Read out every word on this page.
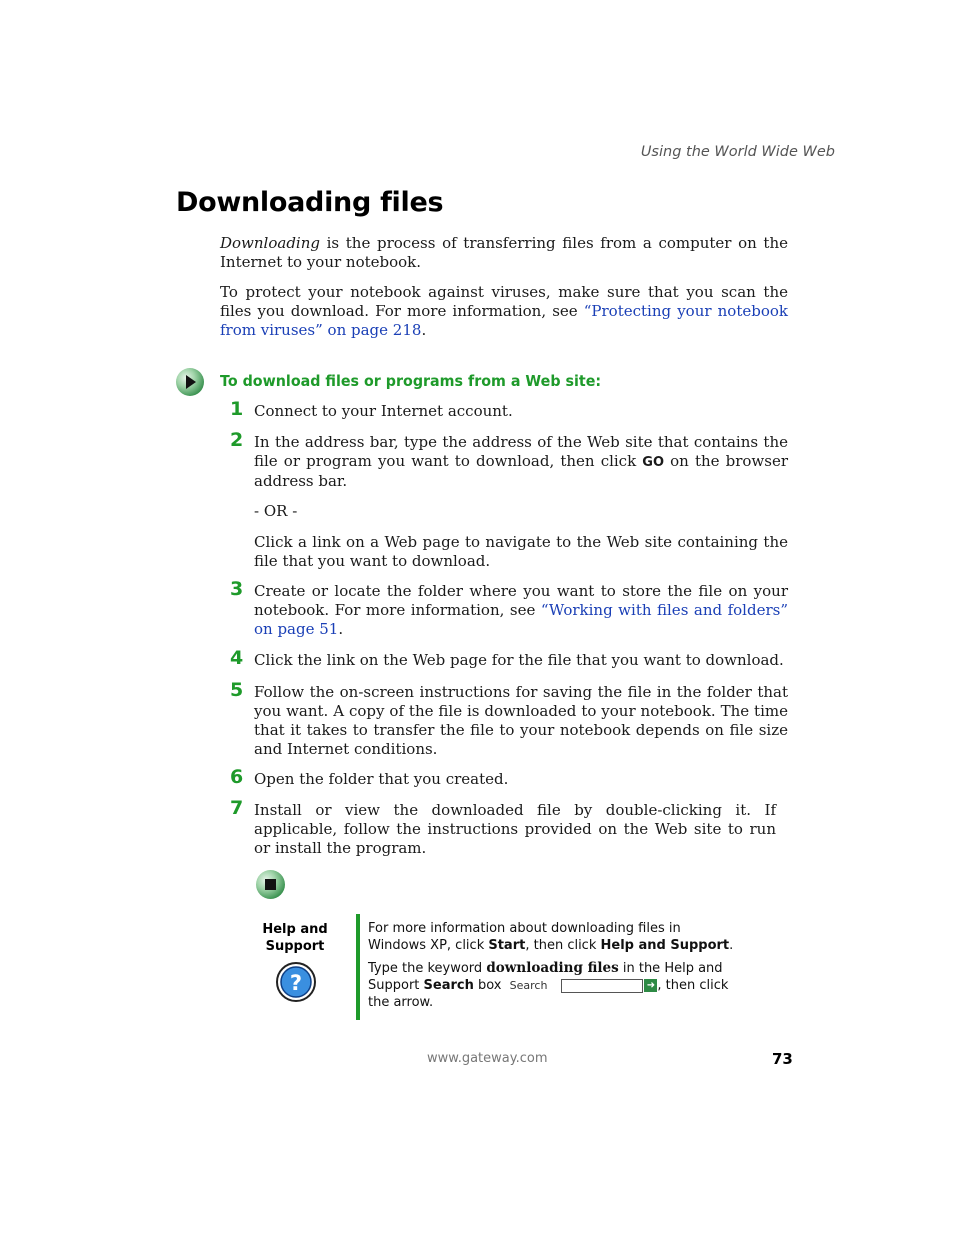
Using the World Wide Web
Downloading files
Downloading is the process of transferring files from a computer on the Internet to your notebook.
To protect your notebook against viruses, make sure that you scan the files you download. For more information, see “Protecting your notebook from viruses” on page 218.
To download files or programs from a Web site:
1 Connect to your Internet account.
2 In the address bar, type the address of the Web site that contains the file or program you want to download, then click GO on the browser address bar.
- OR -
Click a link on a Web page to navigate to the Web site containing the file that you want to download.
3 Create or locate the folder where you want to store the file on your notebook. For more information, see “Working with files and folders” on page 51.
4 Click the link on the Web page for the file that you want to download.
5 Follow the on-screen instructions for saving the file in the folder that you want. A copy of the file is downloaded to your notebook. The time that it takes to transfer the file to your notebook depends on file size and Internet conditions.
6 Open the folder that you created.
7 Install or view the downloaded file by double-clicking it. If applicable, follow the instructions provided on the Web site to run or install the program.
Help and Support
?
For more information about downloading files in Windows XP, click Start, then click Help and Support.
Type the keyword downloading files in the Help and Support Search box Search	➜ , then click the arrow.
www.gateway.com	73
